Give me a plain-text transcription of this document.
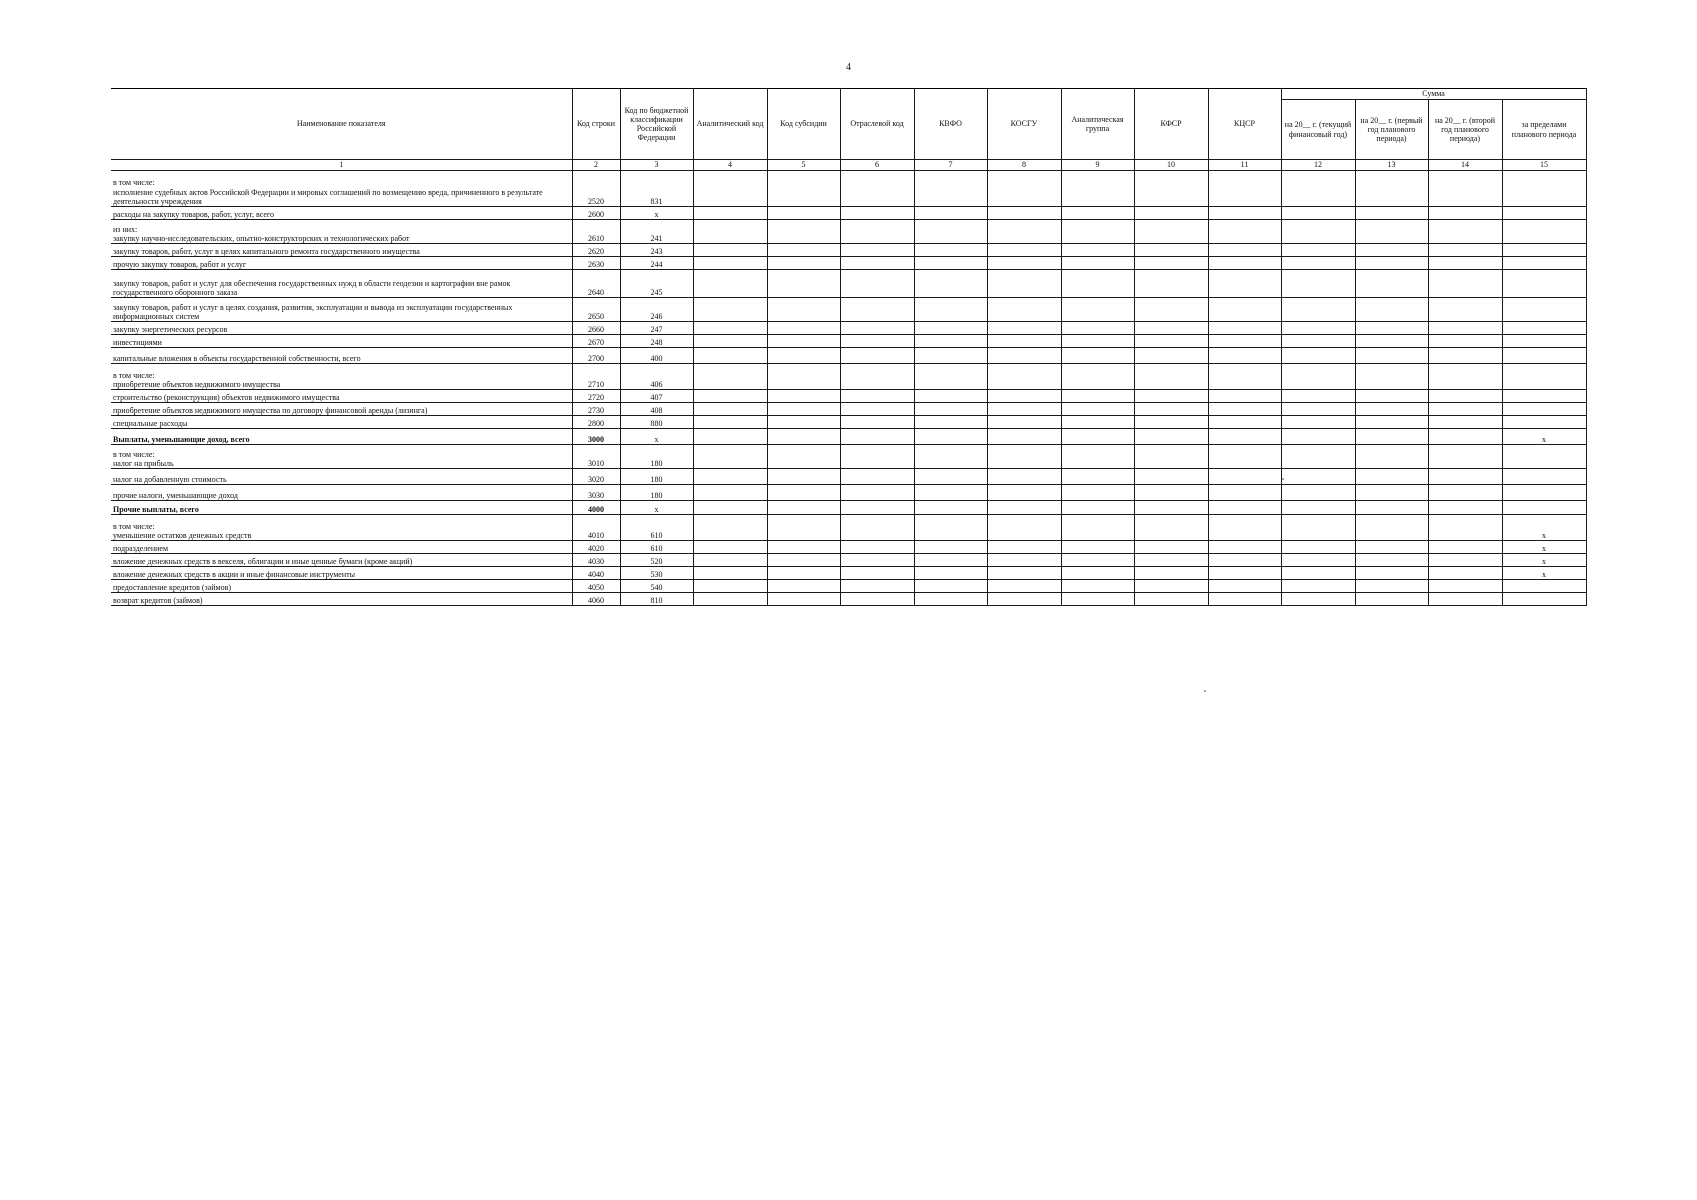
4
Наименование показателя	Код строки	Код по бюджетной классификации Российской Федерации	Аналитический код	Код субсидии	Отраслевой код	КВФО	КОСГУ	Аналитическая группа	КФСР	КЦСР	Сумма			
											на 20__ г. (текущий финансовый год)	на 20__ г. (первый год планового периода)	на 20__ г. (второй год планового периода)	за пределами планового периода
1	2	3	4	5	6	7	8	9	10	11	12	13	14	15
в том числе:
исполнение судебных актов Российской Федерации и мировых соглашений по возмещению вреда, причиненного в результате деятельности учреждения	2520	831												
расходы на закупку товаров, работ, услуг, всего	2600	x												
из них:
закупку научно-исследовательских, опытно-конструкторских и технологических работ	2610	241												
закупку товаров, работ, услуг в целях капитального ремонта государственного имущества	2620	243												
прочую закупку товаров, работ и услуг	2630	244												
закупку товаров, работ и услуг для обеспечения государственных нужд в области геодезии и картографии вне рамок государственного оборонного заказа	2640	245												
закупку товаров, работ и услуг в целях создания, развития, эксплуатации и вывода из эксплуатации государственных информационных систем	2650	246												
закупку энергетических ресурсов	2660	247												
инвестициями	2670	248												
капитальные вложения в объекты государственной собственности, всего	2700	400												
в том числе:
приобретение объектов недвижимого имущества	2710	406												
строительство (реконструкция) объектов недвижимого имущества	2720	407												
приобретение объектов недвижимого имущества по договору финансовой аренды (лизинга)	2730	408												
специальные расходы	2800	880												
Выплаты, уменьшающие доход, всего	3000	x												x
в том числе:
налог на прибыль	3010	180												
налог на добавленную стоимость	3020	180												
прочие налоги, уменьшающие доход	3030	180												
Прочие выплаты, всего	4000	x												
в том числе:
уменьшение остатков денежных средств	4010	610												x
подразделением	4020	610												x
вложение денежных средств в векселя, облигации и иные ценные бумаги (кроме акций)	4030	520												x
вложение денежных средств в акции и иные финансовые инструменты	4040	530												x
предоставление кредитов (займов)	4050	540												
возврат кредитов (займов)	4060	810												
